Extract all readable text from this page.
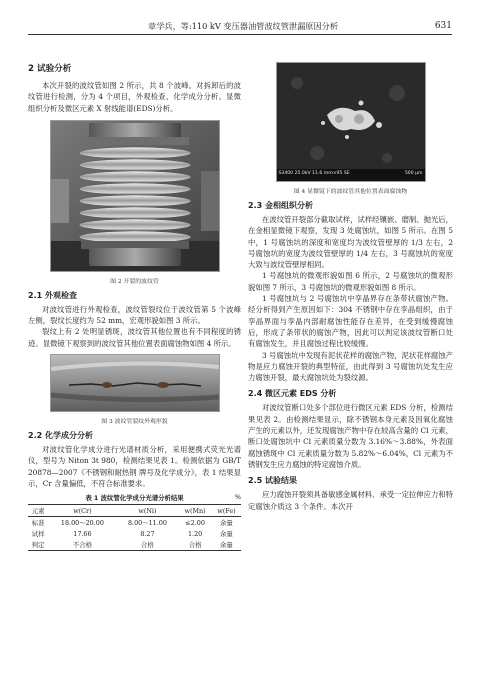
章学兵，等:110 kV 变压器油管波纹管泄漏原因分析	631
2 试验分析

本次开裂的波纹管如图 2 所示，共 8 个波峰。对拆卸后的波纹管进行检测，分为 4 个项目，外观检查、化学成分分析、显微组织分析及微区元素 X 射线能谱(EDS)分析。

图 2 开裂的波纹管
2.1 外观检查

对波纹管进行外观检查，波纹管裂纹位于波纹管第 5 个波峰左侧，裂纹长度约为 52 mm，宏观形貌如图 3 所示。

裂纹上有 2 处明显锈斑，波纹管其他位置也有不同程度的锈迹。显微镜下观察到的波纹管其他位置表面腐蚀物如图 4 所示。

图 3 波纹管裂纹外观形貌
2.2 化学成分分析

对波纹管化学成分进行光谱材质分析，采用便携式荧光光谱仪，型号为 Niton 3t 980，检测结果见表 1。检测依据为 GB/T 20878—2007《不锈钢和耐热钢 牌号及化学成分》，表 1 结果显示，Cr 含量偏低，不符合标准要求。

表 1 波纹管化学成分光谱分析结果	%
元素	w(Cr)	w(Ni)	w(Mn)	w(Fe)
标准	18.00～20.00	8.00～11.00	≤2.00	余量
试样	17.66	8.27	1.20	余量
判定	不合格	合格	合格	余量
S3400 25.0kV 11.6 mm×95 SE	500 μm
图 4 显微镜下的波纹管其他位置表面腐蚀物
2.3 金相组织分析

在波纹管开裂部分截取试样，试样经镶嵌、磨制、抛光后，在金相显微镜下观察，发现 3 处腐蚀坑，如图 5 所示。在图 5 中，1 号腐蚀坑的深度和宽度均为波纹管壁厚的 1/3 左右，2 号腐蚀坑的宽度为波纹管壁厚的 1/4 左右，3 号腐蚀坑的宽度大致与波纹管壁厚相同。

1 号腐蚀坑的微观形貌如图 6 所示，2 号腐蚀坑的微观形貌如图 7 所示，3 号腐蚀坑的微观形貌如图 8 所示。

1 号腐蚀坑与 2 号腐蚀坑中孪晶界存在条带状腐蚀产物。经分析得到产生原因如下：304 不锈钢中存在孪晶组织，由于孪晶界面与孪晶内部耐腐蚀性能存在差异，在受到缓慢腐蚀后，形成了条带状的腐蚀产物，因此可以判定该波纹管断口处有腐蚀发生，并且腐蚀过程比较缓慢。

3 号腐蚀坑中发现有泥状花样的腐蚀产物，泥状花样腐蚀产物是应力腐蚀开裂的典型特征，由此得到 3 号腐蚀坑处发生应力腐蚀开裂，最大腐蚀坑处为裂纹源。

2.4 微区元素 EDS 分析

对波纹管断口处多个部位进行微区元素 EDS 分析，检测结果见表 2。由检测结果显示，除不锈钢本身元素及因氧化腐蚀产生的元素以外，还发现腐蚀产物中存在较高含量的 Cl 元素，断口处腐蚀坑中 Cl 元素质量分数为 3.16%～3.88%，外表面腐蚀锈斑中 Cl 元素质量分数为 5.82%～6.04%，Cl 元素为不锈钢发生应力腐蚀的特定腐蚀介质。

2.5 试验结果

应力腐蚀开裂须具备敏感金属材料、承受一定拉伸应力和特定腐蚀介质这 3 个条件。本次开
